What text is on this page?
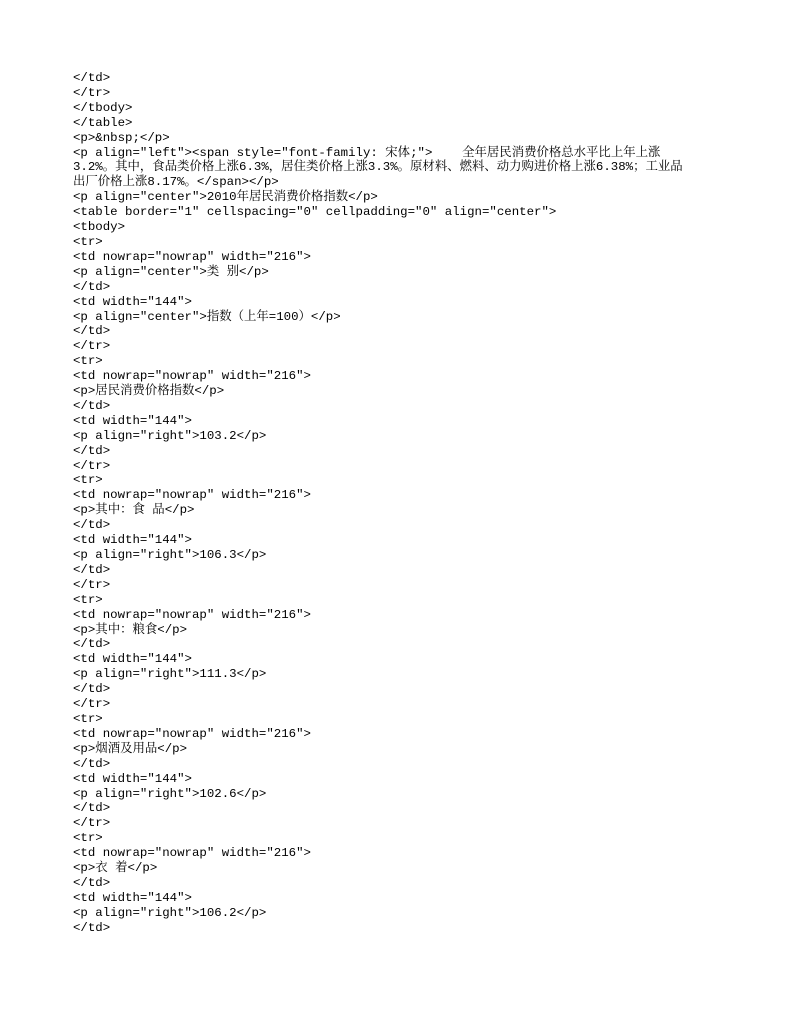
</td>
</tr>
</tbody>
</table>
<p>&nbsp;</p>
<p align="left"><span style="font-family: 宋体;">    全年居民消费价格总水平比上年上涨
3.2%。其中，食品类价格上涨6.3%，居住类价格上涨3.3%。原材料、燃料、动力购进价格上涨6.38%；工业品
出厂价格上涨8.17%。</span></p>
<p align="center">2010年居民消费价格指数</p>
<table border="1" cellspacing="0" cellpadding="0" align="center">
<tbody>
<tr>
<td nowrap="nowrap" width="216">
<p align="center">类 别</p>
</td>
<td width="144">
<p align="center">指数（上年=100）</p>
</td>
</tr>
<tr>
<td nowrap="nowrap" width="216">
<p>居民消费价格指数</p>
</td>
<td width="144">
<p align="right">103.2</p>
</td>
</tr>
<tr>
<td nowrap="nowrap" width="216">
<p>其中：食 品</p>
</td>
<td width="144">
<p align="right">106.3</p>
</td>
</tr>
<tr>
<td nowrap="nowrap" width="216">
<p>其中：粮食</p>
</td>
<td width="144">
<p align="right">111.3</p>
</td>
</tr>
<tr>
<td nowrap="nowrap" width="216">
<p>烟酒及用品</p>
</td>
<td width="144">
<p align="right">102.6</p>
</td>
</tr>
<tr>
<td nowrap="nowrap" width="216">
<p>衣 着</p>
</td>
<td width="144">
<p align="right">106.2</p>
</td>
